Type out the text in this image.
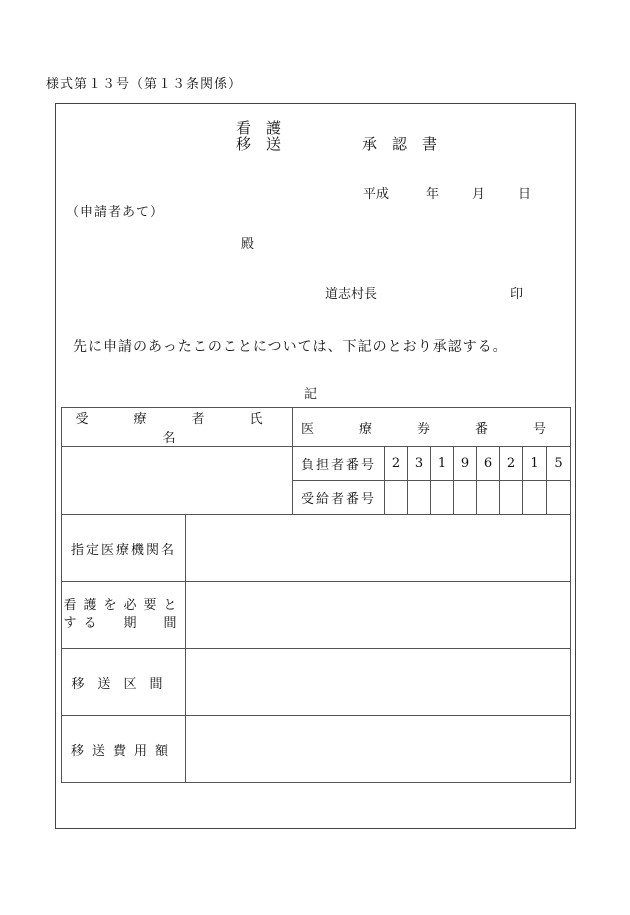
様式第１３号（第１３条関係）
看　護
移　送	承　認　書
平成	年	月	日
（申請者あて）
殿
道志村長	印
先に申請のあったこのことについては、下記のとおり承認する。
記
受　療　者　氏　名		医　療　券　番　号								
		負担者番号	2	3	1	9	6	2	1	5
		受給者番号								
指定医療機関名										

看護を必要と
する　期　間										

移送区間										
移送費用額										
